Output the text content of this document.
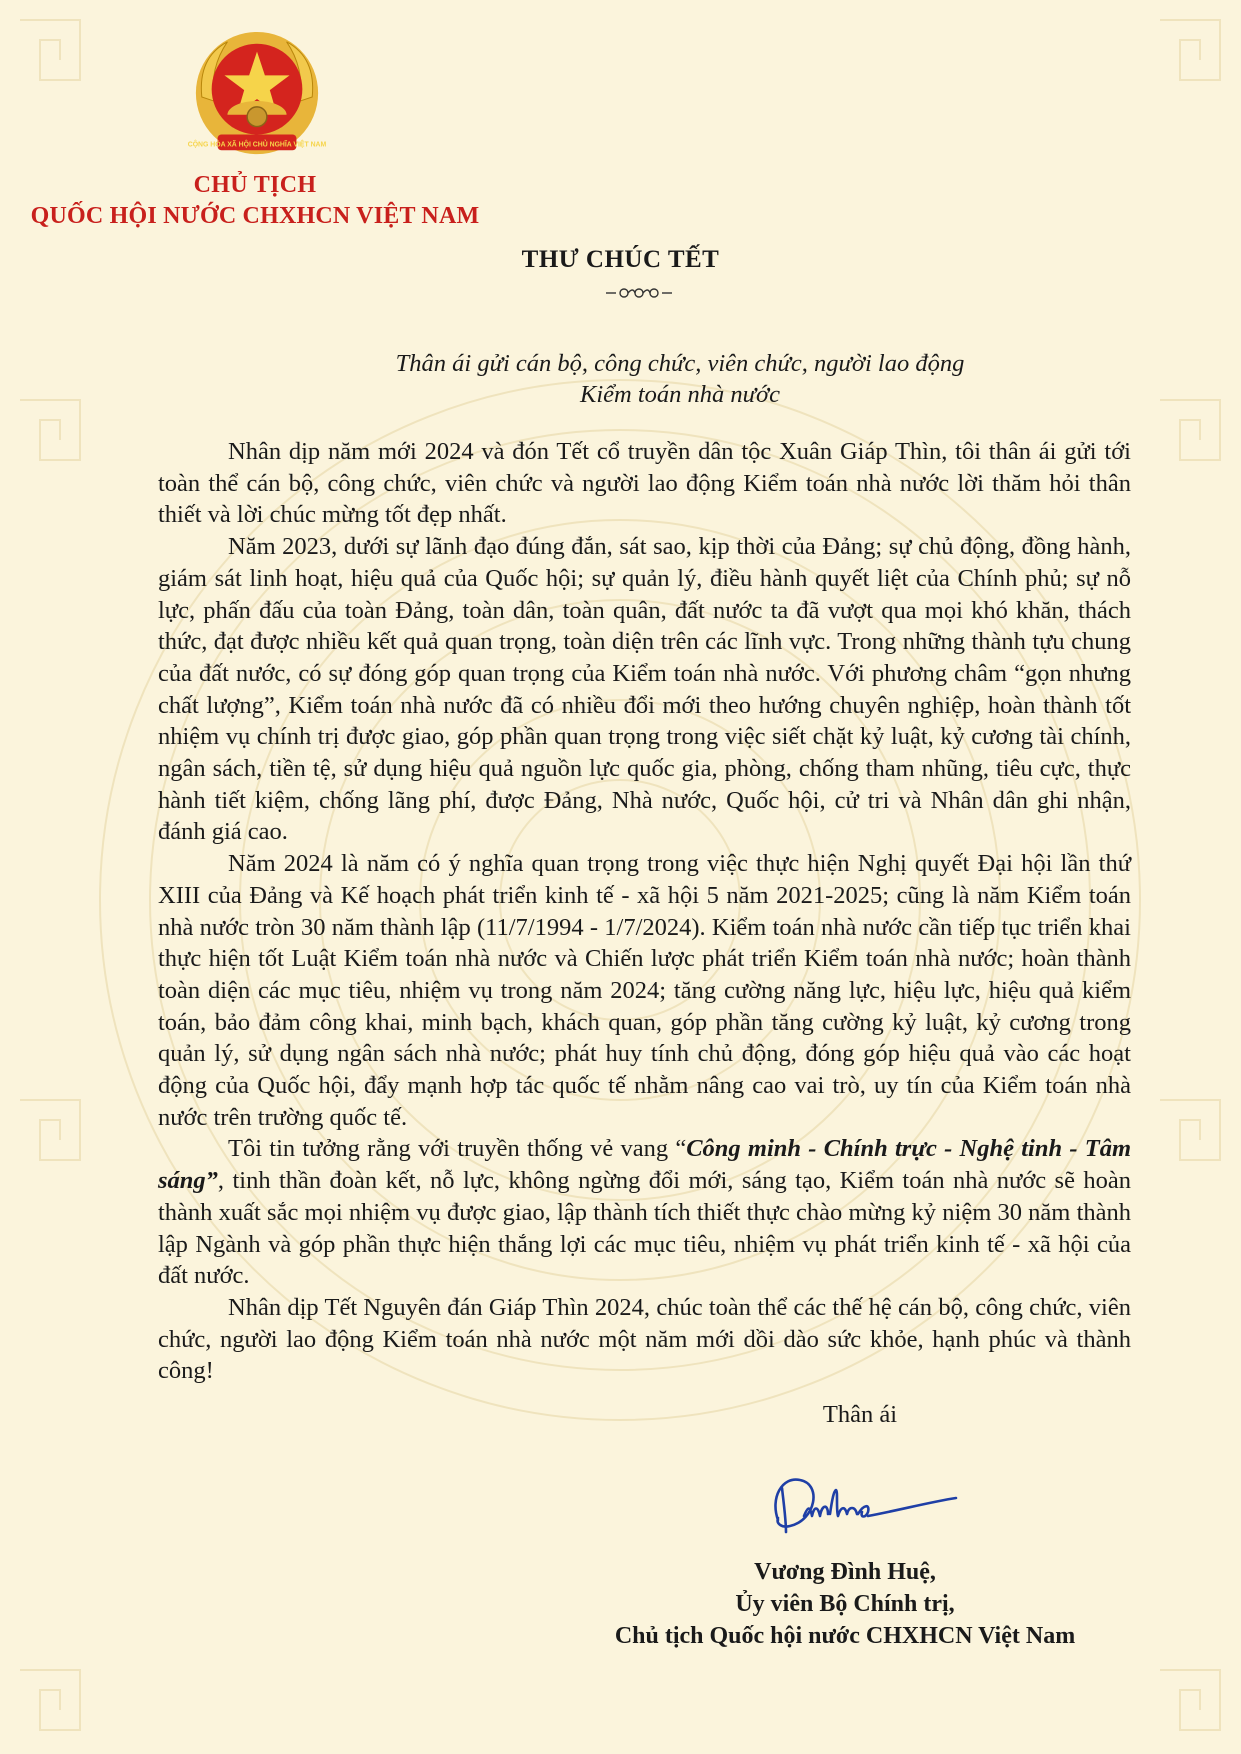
CỘNG HÒA XÃ HỘI CHỦ NGHĨA VIỆT NAM
CHỦ TỊCH
QUỐC HỘI NƯỚC CHXHCN VIỆT NAM
THƯ CHÚC TẾT
Thân ái gửi cán bộ, công chức, viên chức, người lao động
Kiểm toán nhà nước

Nhân dịp năm mới 2024 và đón Tết cổ truyền dân tộc Xuân Giáp Thìn, tôi thân ái gửi tới toàn thể cán bộ, công chức, viên chức và người lao động Kiểm toán nhà nước lời thăm hỏi thân thiết và lời chúc mừng tốt đẹp nhất.

Năm 2023, dưới sự lãnh đạo đúng đắn, sát sao, kịp thời của Đảng; sự chủ động, đồng hành, giám sát linh hoạt, hiệu quả của Quốc hội; sự quản lý, điều hành quyết liệt của Chính phủ; sự nỗ lực, phấn đấu của toàn Đảng, toàn dân, toàn quân, đất nước ta đã vượt qua mọi khó khăn, thách thức, đạt được nhiều kết quả quan trọng, toàn diện trên các lĩnh vực. Trong những thành tựu chung của đất nước, có sự đóng góp quan trọng của Kiểm toán nhà nước. Với phương châm “gọn nhưng chất lượng”, Kiểm toán nhà nước đã có nhiều đổi mới theo hướng chuyên nghiệp, hoàn thành tốt nhiệm vụ chính trị được giao, góp phần quan trọng trong việc siết chặt kỷ luật, kỷ cương tài chính, ngân sách, tiền tệ, sử dụng hiệu quả nguồn lực quốc gia, phòng, chống tham nhũng, tiêu cực, thực hành tiết kiệm, chống lãng phí, được Đảng, Nhà nước, Quốc hội, cử tri và Nhân dân ghi nhận, đánh giá cao.

Năm 2024 là năm có ý nghĩa quan trọng trong việc thực hiện Nghị quyết Đại hội lần thứ XIII của Đảng và Kế hoạch phát triển kinh tế - xã hội 5 năm 2021-2025; cũng là năm Kiểm toán nhà nước tròn 30 năm thành lập (11/7/1994 - 1/7/2024). Kiểm toán nhà nước cần tiếp tục triển khai thực hiện tốt Luật Kiểm toán nhà nước và Chiến lược phát triển Kiểm toán nhà nước; hoàn thành toàn diện các mục tiêu, nhiệm vụ trong năm 2024; tăng cường năng lực, hiệu lực, hiệu quả kiểm toán, bảo đảm công khai, minh bạch, khách quan, góp phần tăng cường kỷ luật, kỷ cương trong quản lý, sử dụng ngân sách nhà nước; phát huy tính chủ động, đóng góp hiệu quả vào các hoạt động của Quốc hội, đẩy mạnh hợp tác quốc tế nhằm nâng cao vai trò, uy tín của Kiểm toán nhà nước trên trường quốc tế.

Tôi tin tưởng rằng với truyền thống vẻ vang “Công minh - Chính trực - Nghệ tinh - Tâm sáng”, tinh thần đoàn kết, nỗ lực, không ngừng đổi mới, sáng tạo, Kiểm toán nhà nước sẽ hoàn thành xuất sắc mọi nhiệm vụ được giao, lập thành tích thiết thực chào mừng kỷ niệm 30 năm thành lập Ngành và góp phần thực hiện thắng lợi các mục tiêu, nhiệm vụ phát triển kinh tế - xã hội của đất nước.

Nhân dịp Tết Nguyên đán Giáp Thìn 2024, chúc toàn thể các thế hệ cán bộ, công chức, viên chức, người lao động Kiểm toán nhà nước một năm mới dồi dào sức khỏe, hạnh phúc và thành công!

Thân ái
Vương Đình Huệ,
Ủy viên Bộ Chính trị,
Chủ tịch Quốc hội nước CHXHCN Việt Nam
